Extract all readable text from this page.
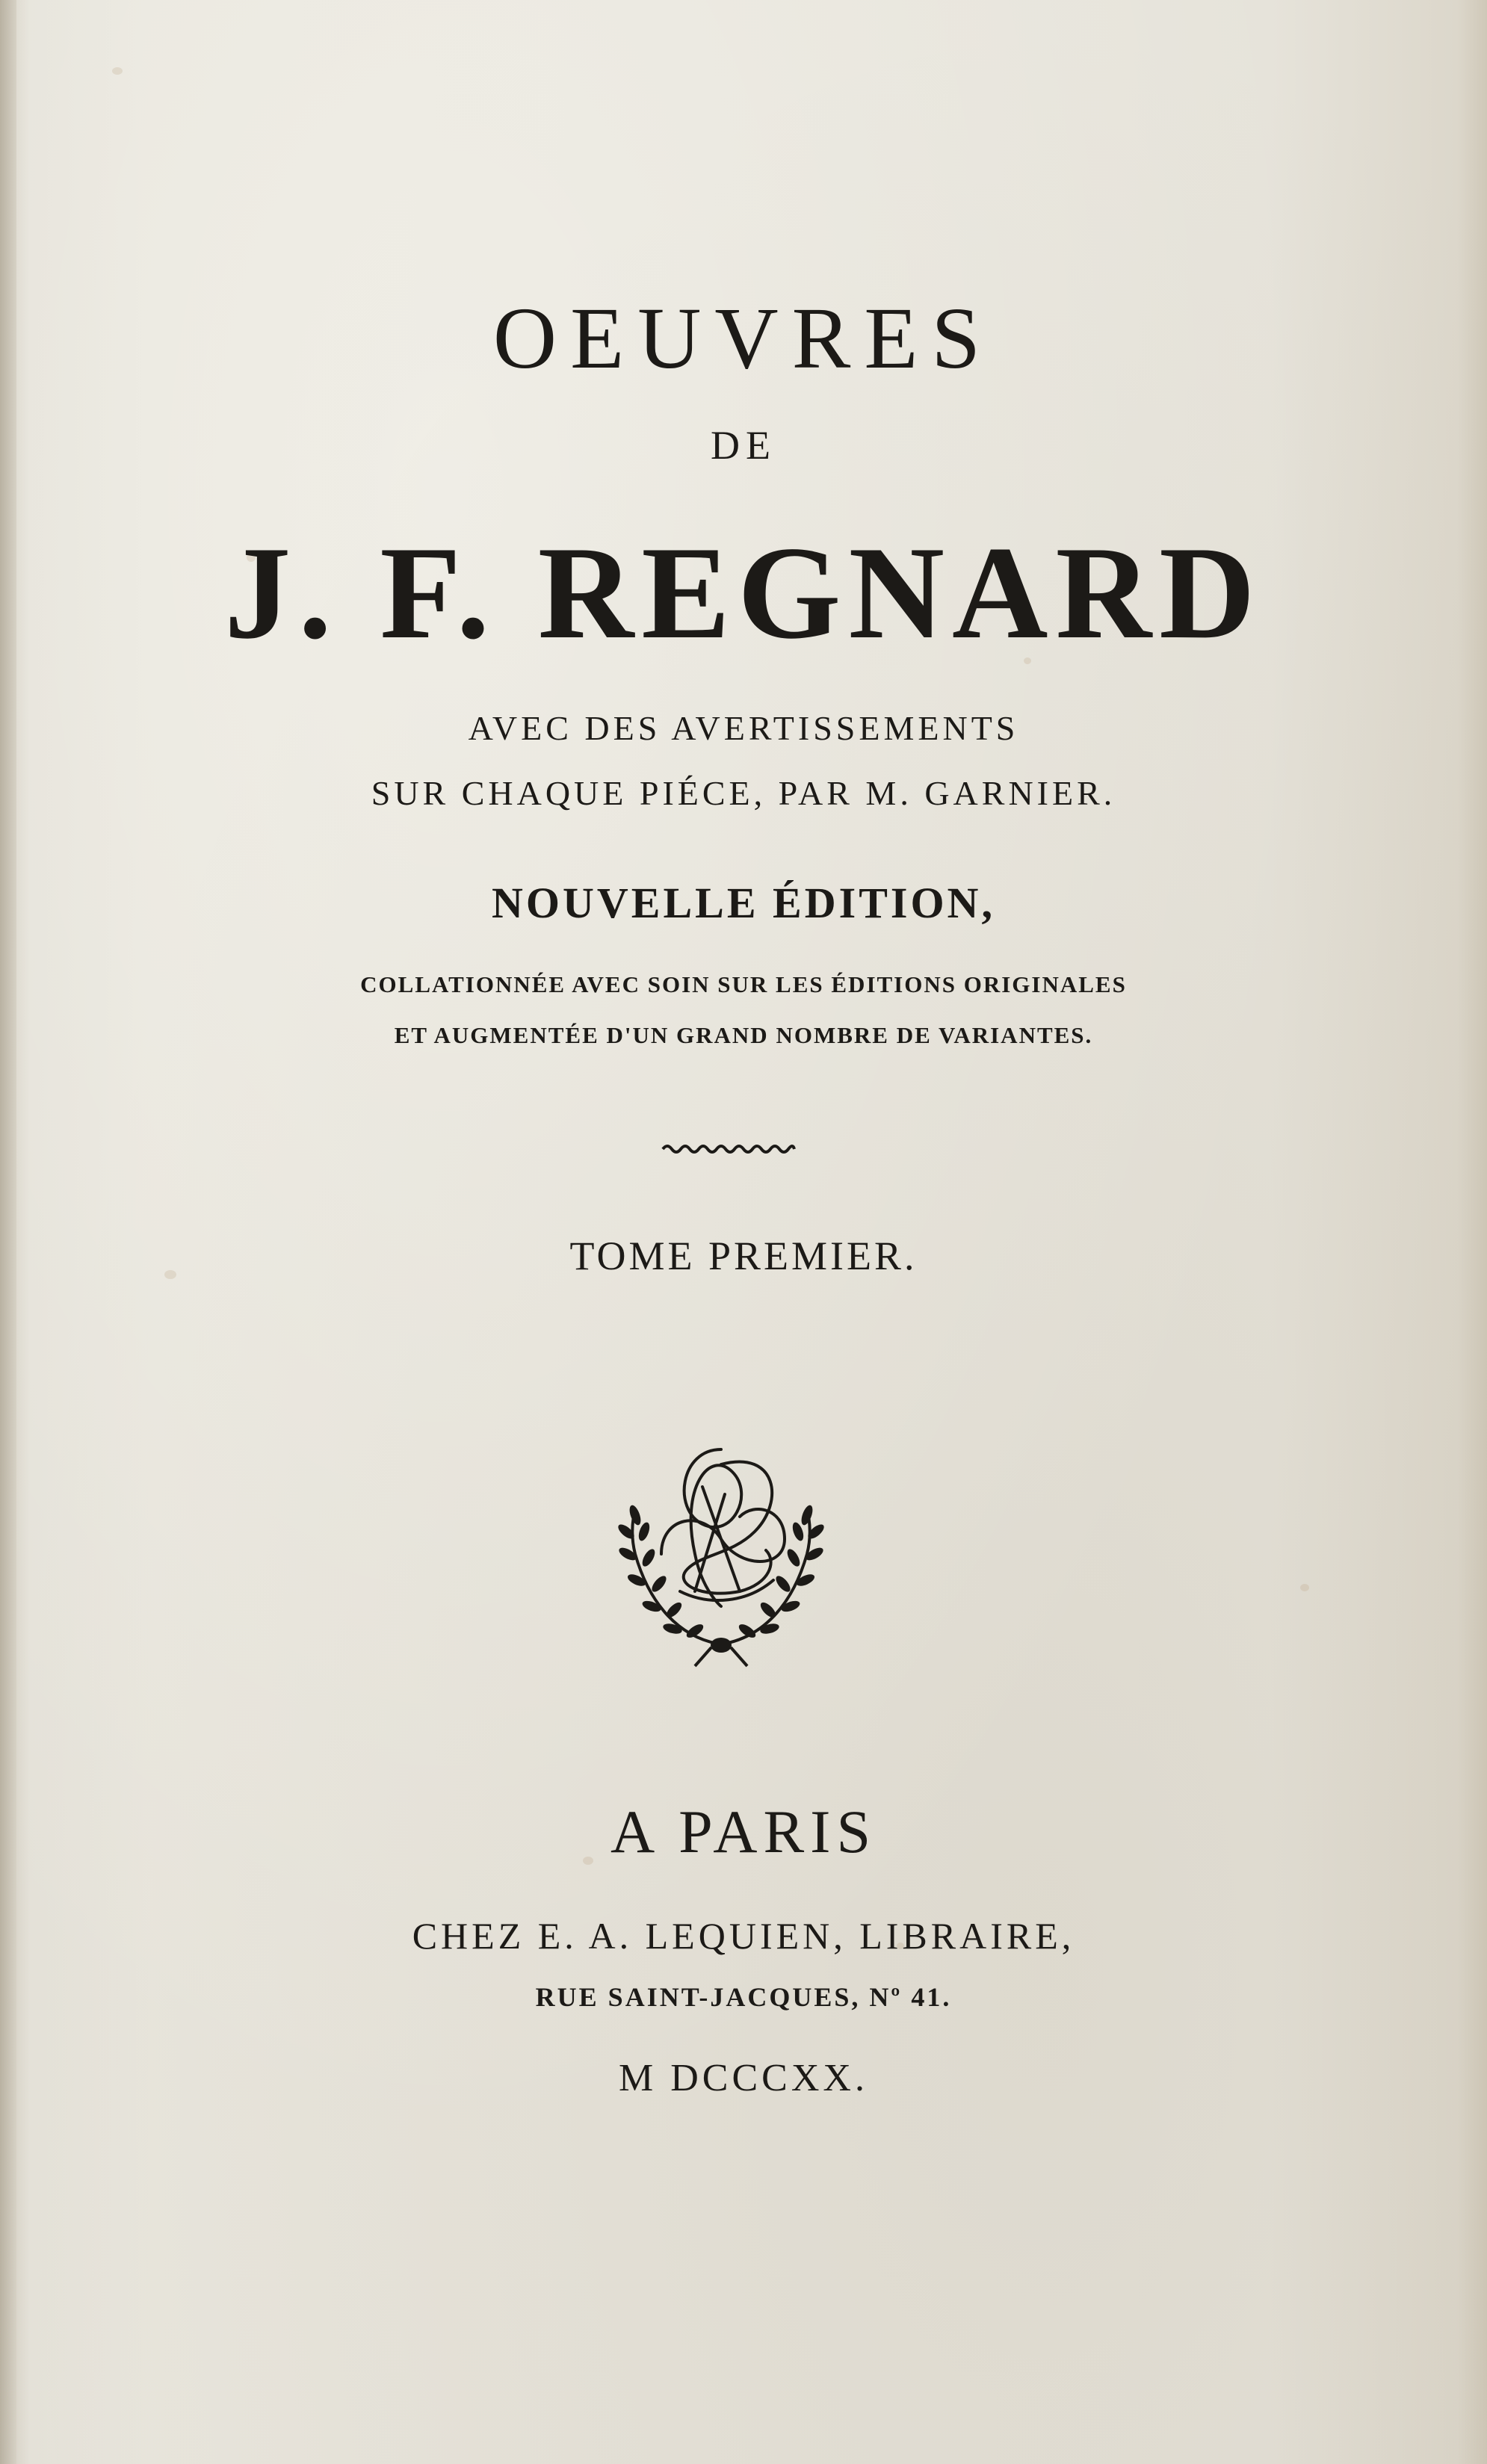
OEUVRES
DE
J. F. REGNARD
AVEC DES AVERTISSEMENTS
SUR CHAQUE PIÉCE, PAR M. GARNIER.
NOUVELLE ÉDITION,
COLLATIONNÉE AVEC SOIN SUR LES ÉDITIONS ORIGINALES
ET AUGMENTÉE D'UN GRAND NOMBRE DE VARIANTES.
TOME PREMIER.
A PARIS
CHEZ E. A. LEQUIEN, LIBRAIRE,
RUE SAINT-JACQUES, Nº 41.
M DCCCXX.
